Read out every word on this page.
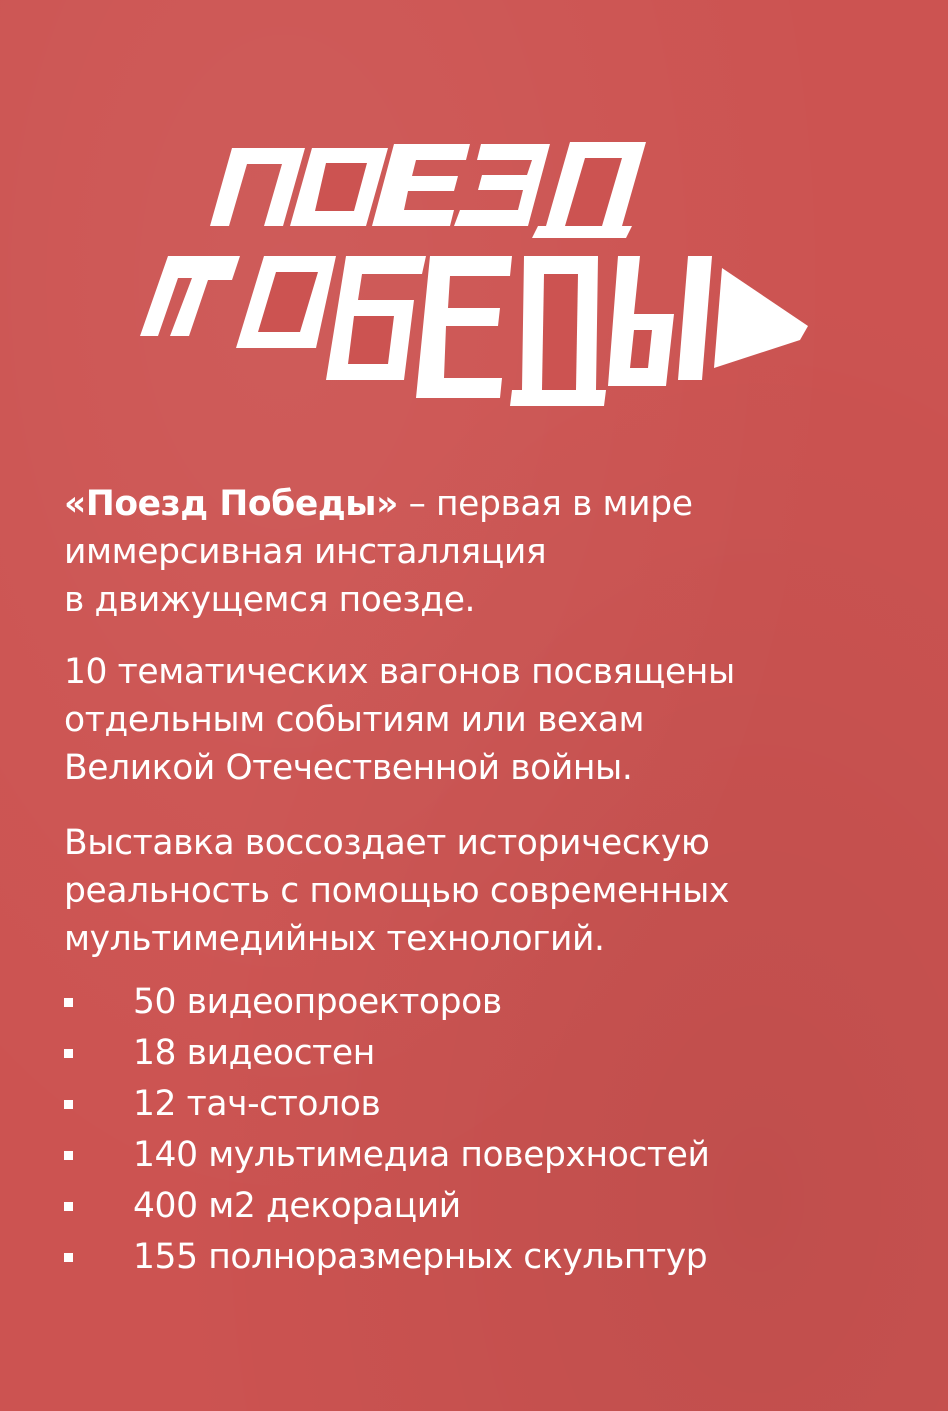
«Поезд Победы» – первая в мире
иммерсивная инсталляция
в движущемся поезде.

10 тематических вагонов посвящены
отдельным событиям или вехам
Великой Отечественной войны.

Выставка воссоздает историческую
реальность с помощью современных
мультимедийных технологий.

50 видеопроекторов
18 видеостен
12 тач-столов
140 мультимедиа поверхностей
400 м2 декораций
155 полноразмерных скульптур
